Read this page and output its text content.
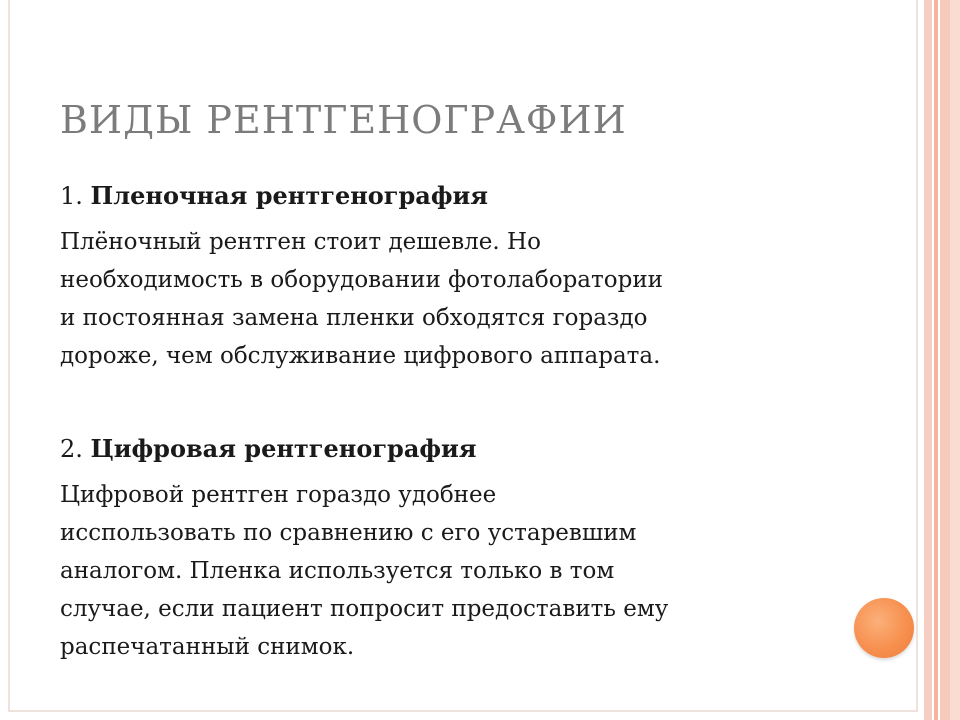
ВИДЫ РЕНТГЕНОГРАФИИ

1. Пленочная рентгенография

Плёночный рентген стоит дешевле. Но
необходимость в оборудовании фотолаборатории
и постоянная замена пленки обходятся гораздо
дороже, чем обслуживание цифрового аппарата.

2. Цифровая рентгенография

Цифровой рентген гораздо удобнее
исспользовать по сравнению с его устаревшим
аналогом. Пленка используется только в том
случае, если пациент попросит предоставить ему
распечатанный снимок.
